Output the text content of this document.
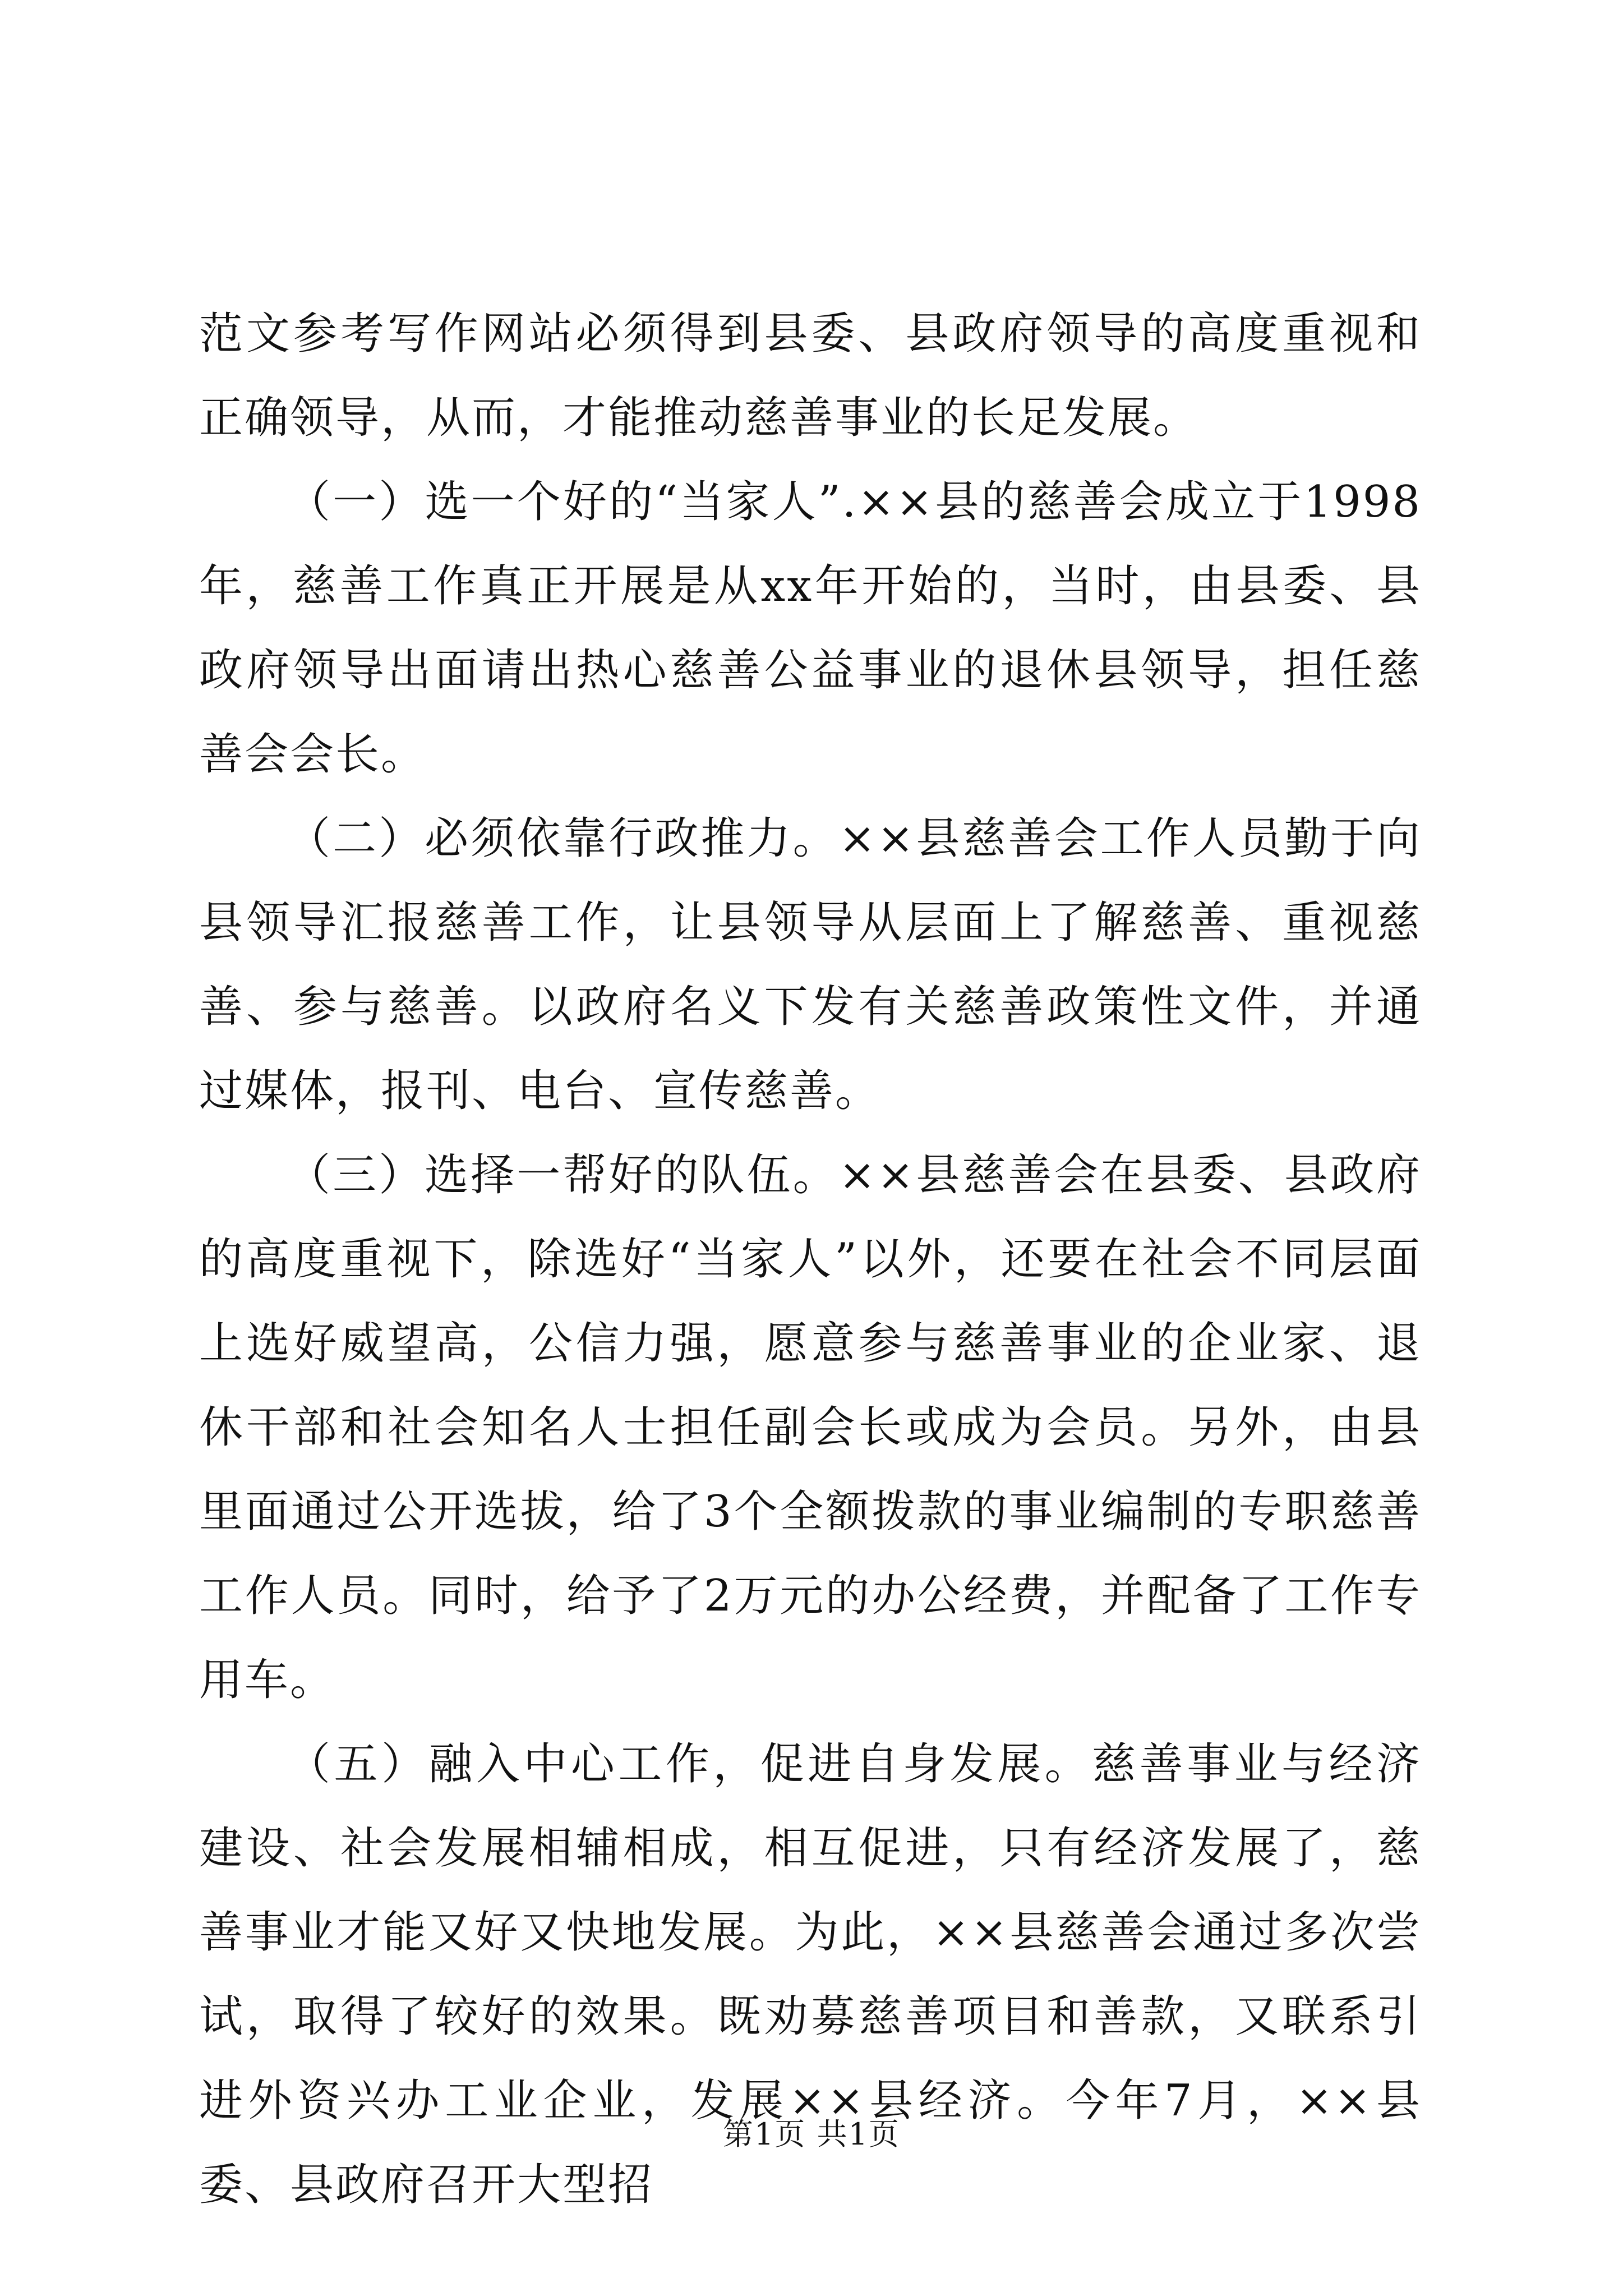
范文参考写作网站必须得到县委、县政府领导的高度重视和正确领导，从而，才能推动慈善事业的长足发展。

（一）选一个好的“当家人”.××县的慈善会成立于1998年，慈善工作真正开展是从xx年开始的，当时，由县委、县政府领导出面请出热心慈善公益事业的退休县领导，担任慈善会会长。

（二）必须依靠行政推力。××县慈善会工作人员勤于向县领导汇报慈善工作，让县领导从层面上了解慈善、重视慈善、参与慈善。以政府名义下发有关慈善政策性文件，并通过媒体，报刊、电台、宣传慈善。

（三）选择一帮好的队伍。××县慈善会在县委、县政府的高度重视下，除选好“当家人”以外，还要在社会不同层面上选好威望高，公信力强，愿意参与慈善事业的企业家、退休干部和社会知名人士担任副会长或成为会员。另外，由县里面通过公开选拔，给了3个全额拨款的事业编制的专职慈善工作人员。同时，给予了2万元的办公经费，并配备了工作专用车。

（五）融入中心工作，促进自身发展。慈善事业与经济建设、社会发展相辅相成，相互促进，只有经济发展了，慈善事业才能又好又快地发展。为此，××县慈善会通过多次尝试，取得了较好的效果。既劝募慈善项目和善款，又联系引进外资兴办工业企业，发展××县经济。今年7月，××县委、县政府召开大型招

第1页 共1页
